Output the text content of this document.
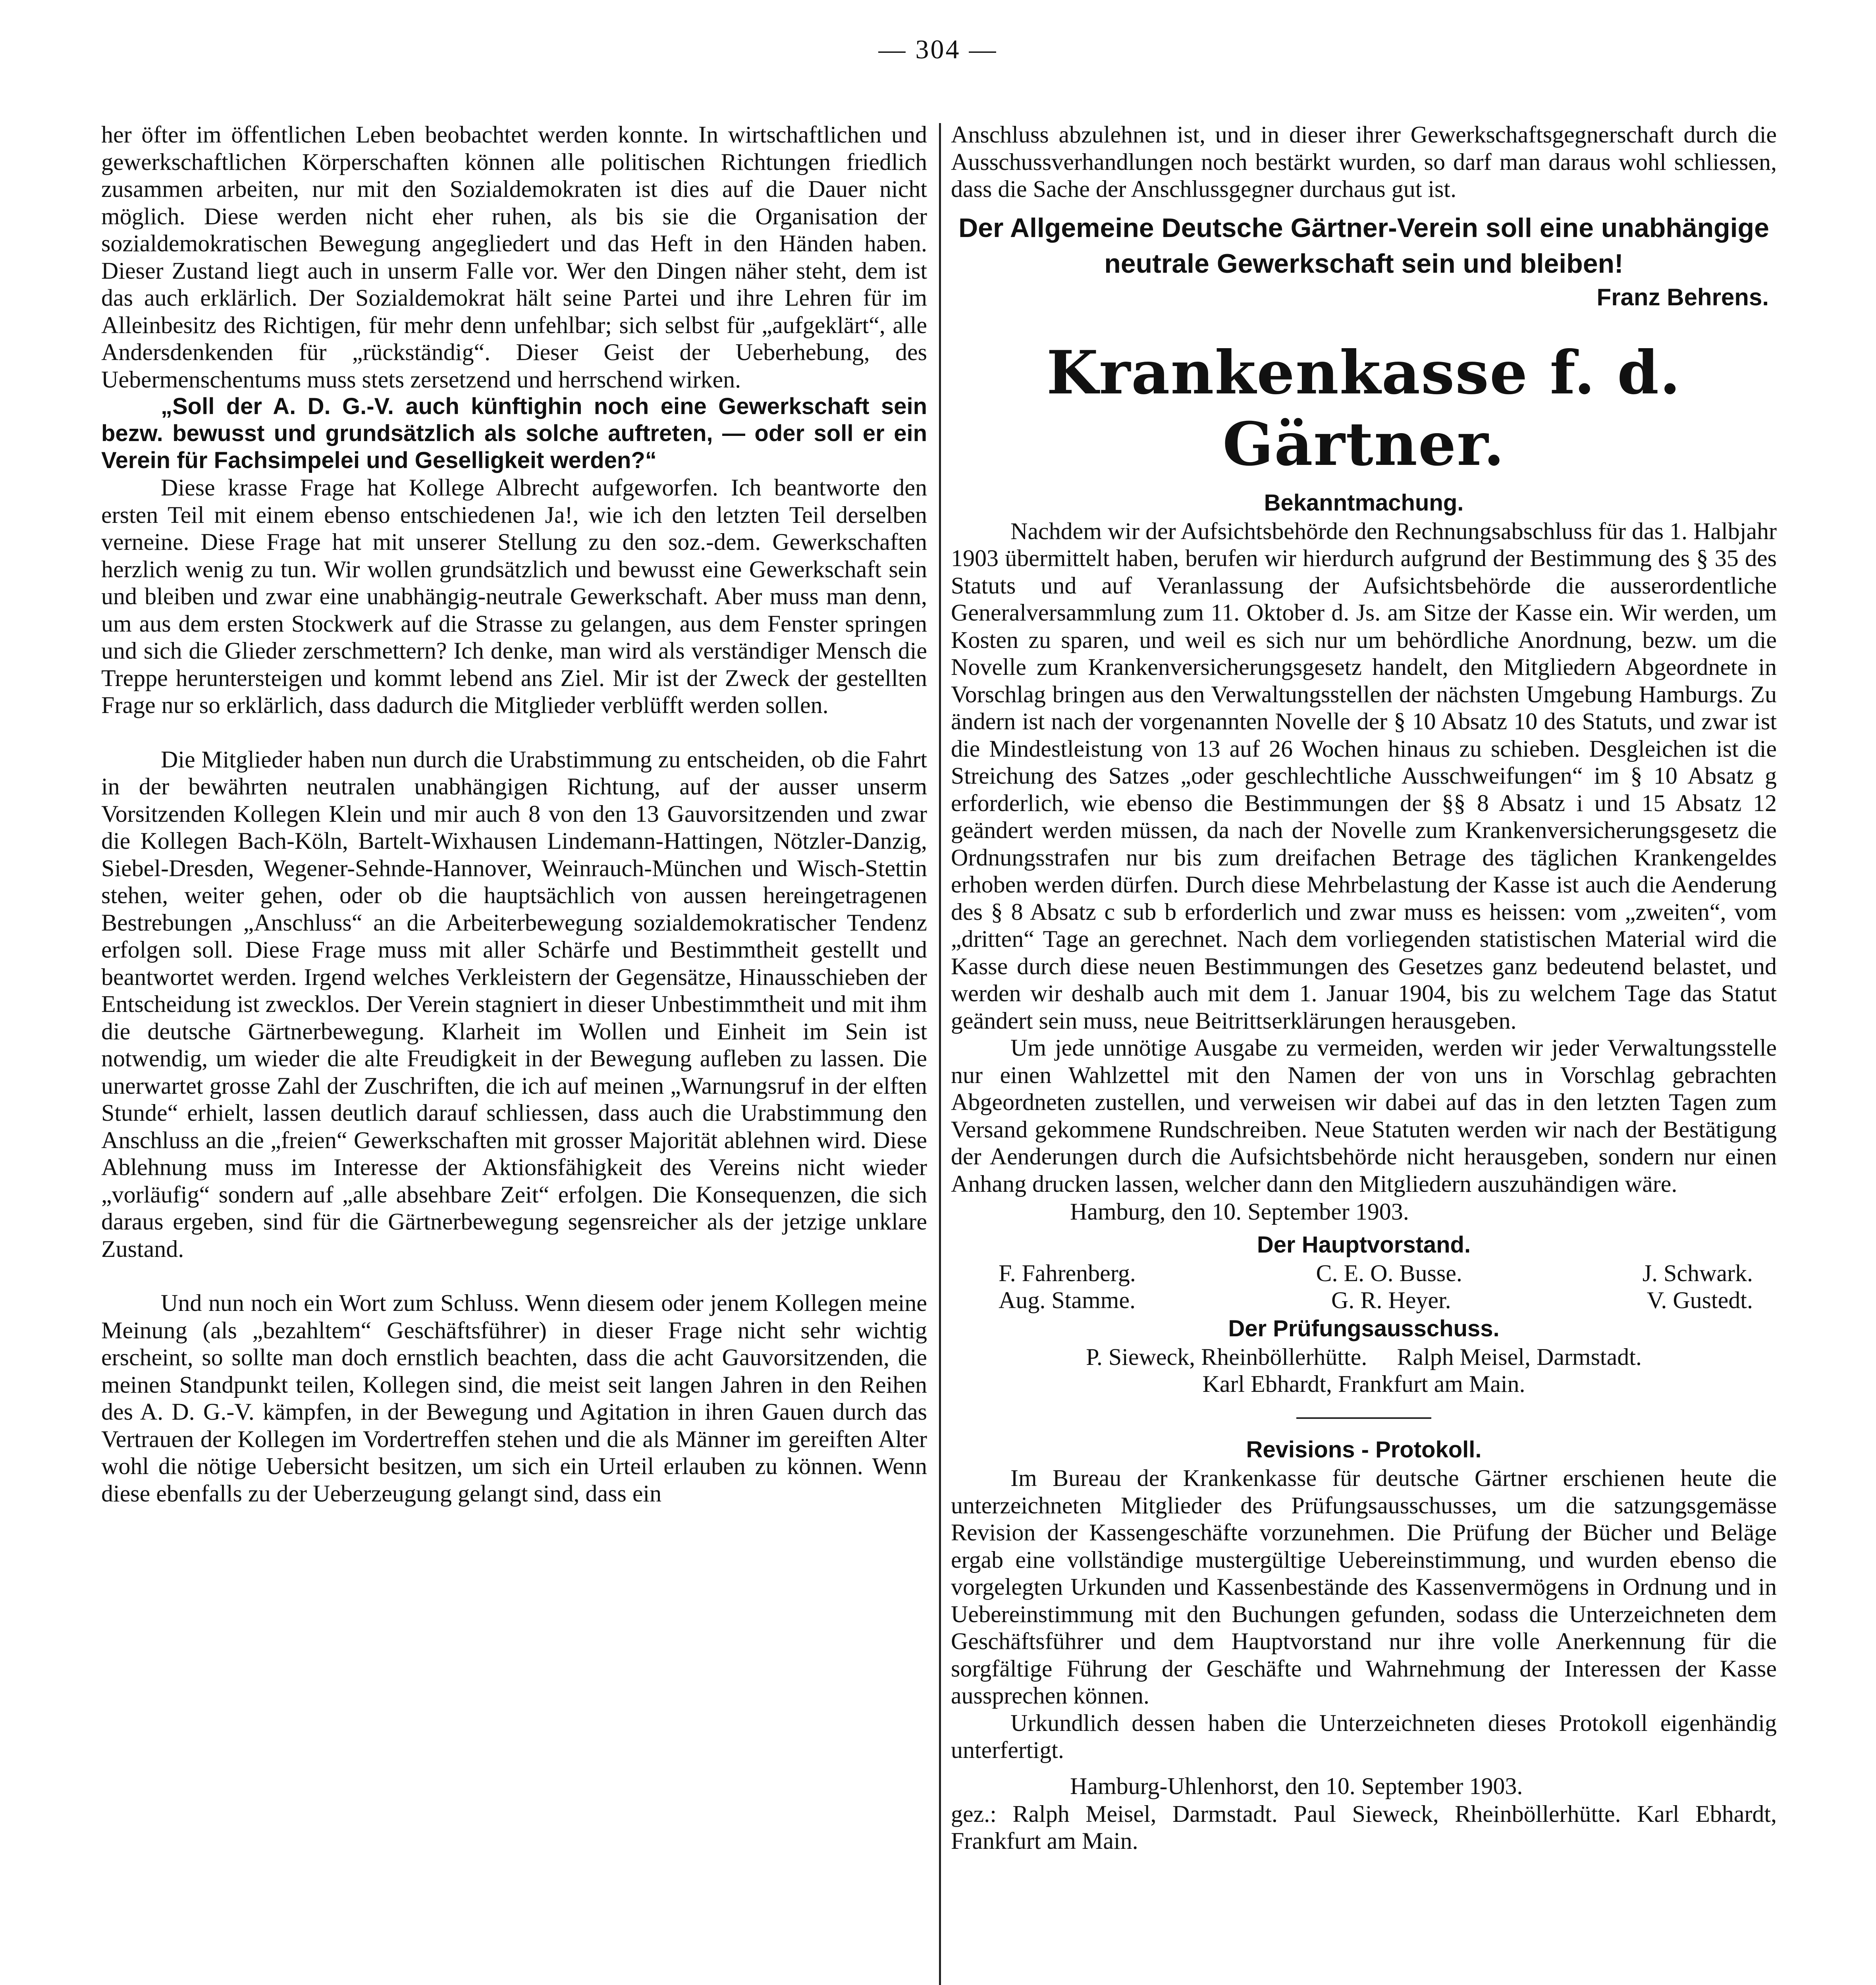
— 304 —

her öfter im öffentlichen Leben beobachtet werden konnte. In wirtschaftlichen und gewerkschaftlichen Körperschaften können alle politischen Richtungen friedlich zusammen arbeiten, nur mit den Sozialdemokraten ist dies auf die Dauer nicht möglich. Diese werden nicht eher ruhen, als bis sie die Organisation der sozialdemokratischen Bewegung angegliedert und das Heft in den Händen haben. Dieser Zustand liegt auch in unserm Falle vor. Wer den Dingen näher steht, dem ist das auch erklärlich. Der Sozialdemokrat hält seine Partei und ihre Lehren für im Alleinbesitz des Richtigen, für mehr denn unfehlbar; sich selbst für „aufgeklärt“, alle Andersdenkenden für „rückständig“. Dieser Geist der Ueberhebung, des Uebermenschentums muss stets zersetzend und herrschend wirken.

„Soll der A. D. G.-V. auch künftighin noch eine Gewerkschaft sein bezw. bewusst und grundsätzlich als solche auftreten, — oder soll er ein Verein für Fachsimpelei und Geselligkeit werden?“

Diese krasse Frage hat Kollege Albrecht aufgeworfen. Ich beantworte den ersten Teil mit einem ebenso entschiedenen Ja!, wie ich den letzten Teil derselben verneine. Diese Frage hat mit unserer Stellung zu den soz.-dem. Gewerkschaften herzlich wenig zu tun. Wir wollen grundsätzlich und bewusst eine Gewerkschaft sein und bleiben und zwar eine unabhängig-neutrale Gewerkschaft. Aber muss man denn, um aus dem ersten Stockwerk auf die Strasse zu gelangen, aus dem Fenster springen und sich die Glieder zerschmettern? Ich denke, man wird als verständiger Mensch die Treppe heruntersteigen und kommt lebend ans Ziel. Mir ist der Zweck der gestellten Frage nur so erklärlich, dass dadurch die Mitglieder verblüfft werden sollen.

Die Mitglieder haben nun durch die Urabstimmung zu entscheiden, ob die Fahrt in der bewährten neutralen unabhängigen Richtung, auf der ausser unserm Vorsitzenden Kollegen Klein und mir auch 8 von den 13 Gauvorsitzenden und zwar die Kollegen Bach-Köln, Bartelt-Wixhausen Lindemann-Hattingen, Nötzler-Danzig, Siebel-Dresden, Wegener-Sehnde-Hannover, Weinrauch-München und Wisch-Stettin stehen, weiter gehen, oder ob die hauptsächlich von aussen hereingetragenen Bestrebungen „Anschluss“ an die Arbeiterbewegung sozialdemokratischer Tendenz erfolgen soll. Diese Frage muss mit aller Schärfe und Bestimmtheit gestellt und beantwortet werden. Irgend welches Verkleistern der Gegensätze, Hinausschieben der Entscheidung ist zwecklos. Der Verein stagniert in dieser Unbestimmtheit und mit ihm die deutsche Gärtnerbewegung. Klarheit im Wollen und Einheit im Sein ist notwendig, um wieder die alte Freudigkeit in der Bewegung aufleben zu lassen. Die unerwartet grosse Zahl der Zuschriften, die ich auf meinen „Warnungsruf in der elften Stunde“ erhielt, lassen deutlich darauf schliessen, dass auch die Urabstimmung den Anschluss an die „freien“ Gewerkschaften mit grosser Majorität ablehnen wird. Diese Ablehnung muss im Interesse der Aktionsfähigkeit des Vereins nicht wieder „vorläufig“ sondern auf „alle absehbare Zeit“ erfolgen. Die Konsequenzen, die sich daraus ergeben, sind für die Gärtnerbewegung segensreicher als der jetzige unklare Zustand.

Und nun noch ein Wort zum Schluss. Wenn diesem oder jenem Kollegen meine Meinung (als „bezahltem“ Geschäftsführer) in dieser Frage nicht sehr wichtig erscheint, so sollte man doch ernstlich beachten, dass die acht Gauvorsitzenden, die meinen Standpunkt teilen, Kollegen sind, die meist seit langen Jahren in den Reihen des A. D. G.-V. kämpfen, in der Bewegung und Agitation in ihren Gauen durch das Vertrauen der Kollegen im Vordertreffen stehen und die als Männer im gereiften Alter wohl die nötige Uebersicht besitzen, um sich ein Urteil erlauben zu können. Wenn diese ebenfalls zu der Ueberzeugung gelangt sind, dass ein

Anschluss abzulehnen ist, und in dieser ihrer Gewerkschaftsgegnerschaft durch die Ausschussverhandlungen noch bestärkt wurden, so darf man daraus wohl schliessen, dass die Sache der Anschlussgegner durchaus gut ist.

Der Allgemeine Deutsche Gärtner-Verein soll eine unabhängige neutrale Gewerkschaft sein und bleiben!

Franz Behrens.

Krankenkasse f. d. Gärtner.

Bekanntmachung.

Nachdem wir der Aufsichtsbehörde den Rechnungsabschluss für das 1. Halbjahr 1903 übermittelt haben, berufen wir hierdurch aufgrund der Bestimmung des § 35 des Statuts und auf Veranlassung der Aufsichtsbehörde die ausserordentliche Generalversammlung zum 11. Oktober d. Js. am Sitze der Kasse ein. Wir werden, um Kosten zu sparen, und weil es sich nur um behördliche Anordnung, bezw. um die Novelle zum Krankenversicherungsgesetz handelt, den Mitgliedern Abgeordnete in Vorschlag bringen aus den Verwaltungsstellen der nächsten Umgebung Hamburgs. Zu ändern ist nach der vorgenannten Novelle der § 10 Absatz 10 des Statuts, und zwar ist die Mindestleistung von 13 auf 26 Wochen hinaus zu schieben. Desgleichen ist die Streichung des Satzes „oder geschlechtliche Ausschweifungen“ im § 10 Absatz g erforderlich, wie ebenso die Bestimmungen der §§ 8 Absatz i und 15 Absatz 12 geändert werden müssen, da nach der Novelle zum Krankenversicherungsgesetz die Ordnungsstrafen nur bis zum dreifachen Betrage des täglichen Krankengeldes erhoben werden dürfen. Durch diese Mehrbelastung der Kasse ist auch die Aenderung des § 8 Absatz c sub b erforderlich und zwar muss es heissen: vom „zweiten“, vom „dritten“ Tage an gerechnet. Nach dem vorliegenden statistischen Material wird die Kasse durch diese neuen Bestimmungen des Gesetzes ganz bedeutend belastet, und werden wir deshalb auch mit dem 1. Januar 1904, bis zu welchem Tage das Statut geändert sein muss, neue Beitrittserklärungen herausgeben.

Um jede unnötige Ausgabe zu vermeiden, werden wir jeder Verwaltungsstelle nur einen Wahlzettel mit den Namen der von uns in Vorschlag gebrachten Abgeordneten zustellen, und verweisen wir dabei auf das in den letzten Tagen zum Versand gekommene Rundschreiben. Neue Statuten werden wir nach der Bestätigung der Aenderungen durch die Aufsichtsbehörde nicht herausgeben, sondern nur einen Anhang drucken lassen, welcher dann den Mitgliedern auszuhändigen wäre.

Hamburg, den 10. September 1903.

Der Hauptvorstand.

F. Fahrenberg.	C. E. O. Busse.	J. Schwark.
Aug. Stamme.	G. R. Heyer.	V. Gustedt.

Der Prüfungsausschuss.

P. Sieweck, Rheinböllerhütte.     Ralph Meisel, Darmstadt.

Karl Ebhardt, Frankfurt am Main.

Revisions - Protokoll.

Im Bureau der Krankenkasse für deutsche Gärtner erschienen heute die unterzeichneten Mitglieder des Prüfungsausschusses, um die satzungsgemässe Revision der Kassengeschäfte vorzunehmen. Die Prüfung der Bücher und Beläge ergab eine vollständige mustergültige Uebereinstimmung, und wurden ebenso die vorgelegten Urkunden und Kassenbestände des Kassenvermögens in Ordnung und in Uebereinstimmung mit den Buchungen gefunden, sodass die Unterzeichneten dem Geschäftsführer und dem Hauptvorstand nur ihre volle Anerkennung für die sorgfältige Führung der Geschäfte und Wahrnehmung der Interessen der Kasse aussprechen können.

Urkundlich dessen haben die Unterzeichneten dieses Protokoll eigenhändig unterfertigt.

Hamburg-Uhlenhorst, den 10. September 1903.

gez.: Ralph Meisel, Darmstadt. Paul Sieweck, Rheinböllerhütte. Karl Ebhardt, Frankfurt am Main.
